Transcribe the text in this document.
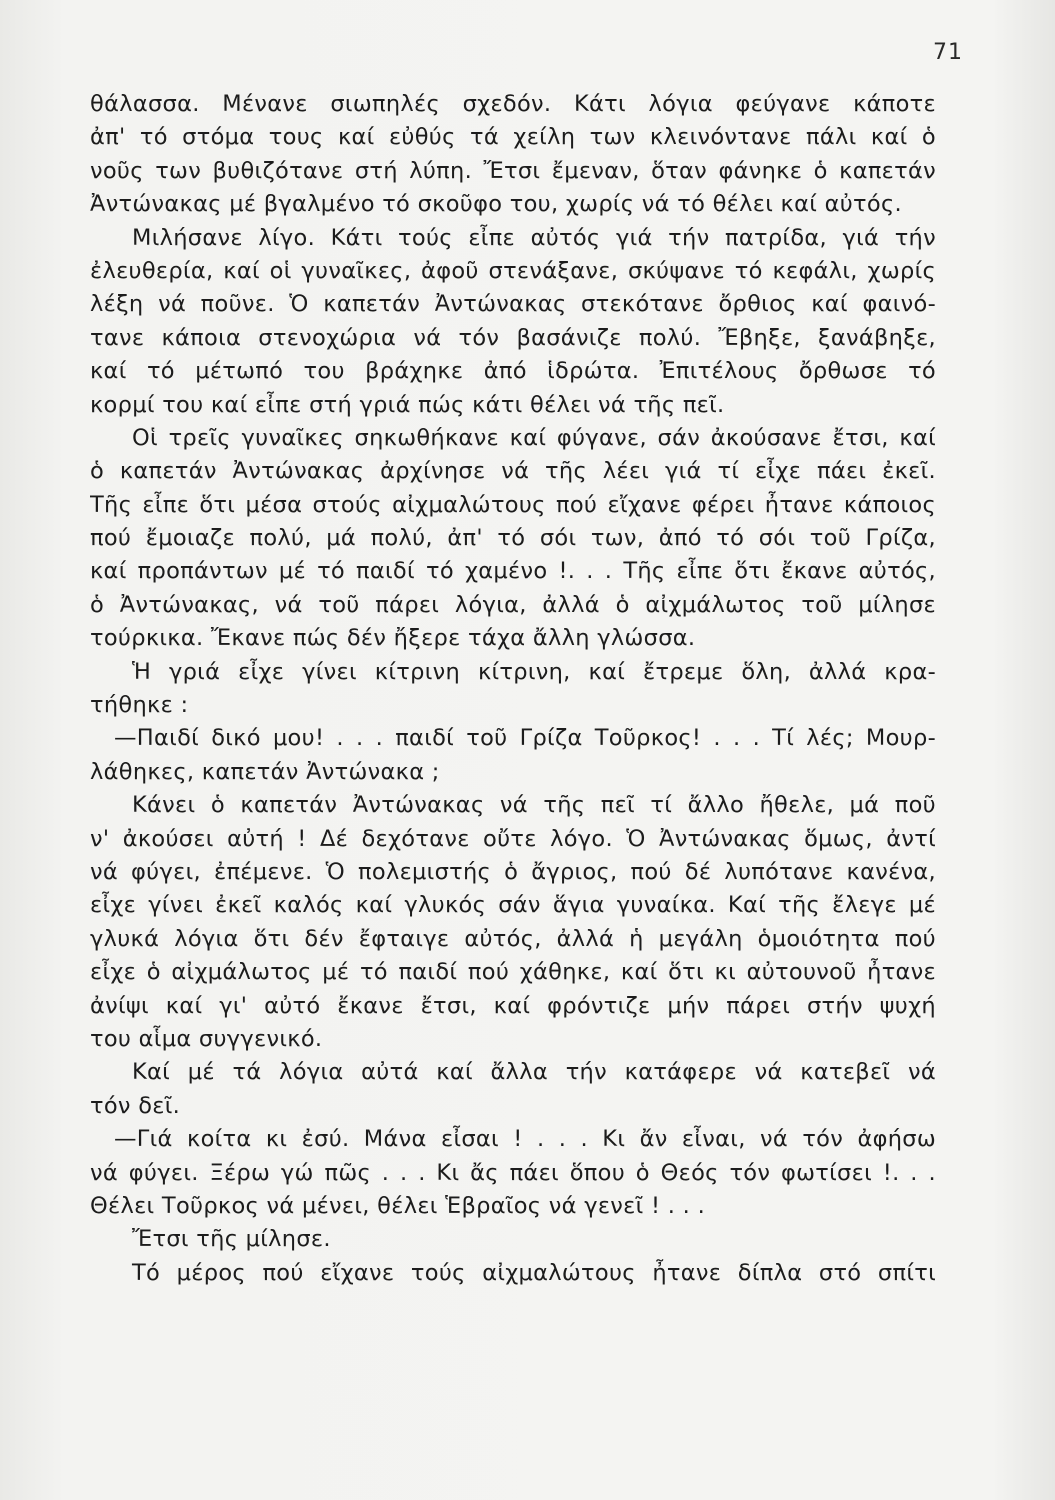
71
θάλασσα. Μένανε σιωπηλές σχεδόν. Κάτι λόγια φεύγανε κάποτε
ἀπ' τό στόμα τους καί εὐθύς τά χείλη των κλεινόντανε πάλι καί ὁ
νοῦς των βυθιζότανε στή λύπη. Ἔτσι ἔμεναν, ὅταν φάνηκε ὁ καπετάν
Ἀντώνακας μέ βγαλμένο τό σκοῦφο του, χωρίς νά τό θέλει καί αὐτός.
Μιλήσανε λίγο. Κάτι τούς εἶπε αὐτός γιά τήν πατρίδα, γιά τήν
ἐλευθερία, καί οἱ γυναῖκες, ἀφοῦ στενάξανε, σκύψανε τό κεφάλι, χωρίς
λέξη νά ποῦνε. Ὁ καπετάν Ἀντώνακας στεκότανε ὄρθιος καί φαινό-
τανε κάποια στενοχώρια νά τόν βασάνιζε πολύ. Ἔβηξε, ξανάβηξε,
καί τό μέτωπό του βράχηκε ἀπό ἱδρώτα. Ἐπιτέλους ὄρθωσε τό
κορμί του καί εἶπε στή γριά πώς κάτι θέλει νά τῆς πεῖ.
Οἱ τρεῖς γυναῖκες σηκωθήκανε καί φύγανε, σάν ἀκούσανε ἔτσι, καί
ὁ καπετάν Ἀντώνακας ἀρχίνησε νά τῆς λέει γιά τί εἶχε πάει ἐκεῖ.
Τῆς εἶπε ὅτι μέσα στούς αἰχμαλώτους πού εἴχανε φέρει ἦτανε κάποιος
πού ἔμοιαζε πολύ, μά πολύ, ἀπ' τό σόι των, ἀπό τό σόι τοῦ Γρίζα,
καί προπάντων μέ τό παιδί τό χαμένο !. . . Τῆς εἶπε ὅτι ἔκανε αὐτός,
ὁ Ἀντώνακας, νά τοῦ πάρει λόγια, ἀλλά ὁ αἰχμάλωτος τοῦ μίλησε
τούρκικα. Ἔκανε πώς δέν ἤξερε τάχα ἄλλη γλώσσα.
Ἡ γριά εἶχε γίνει κίτρινη κίτρινη, καί ἔτρεμε ὅλη, ἀλλά κρα-
τήθηκε :
—Παιδί δικό μου! . . . παιδί τοῦ Γρίζα Τοῦρκος! . . . Τί λές; Μουρ-
λάθηκες, καπετάν Ἀντώνακα ;
Κάνει ὁ καπετάν Ἀντώνακας νά τῆς πεῖ τί ἄλλο ἤθελε, μά ποῦ
ν' ἀκούσει αὐτή ! Δέ δεχότανε οὔτε λόγο. Ὁ Ἀντώνακας ὅμως, ἀντί
νά φύγει, ἐπέμενε. Ὁ πολεμιστής ὁ ἄγριος, πού δέ λυπότανε κανένα,
εἶχε γίνει ἐκεῖ καλός καί γλυκός σάν ἅγια γυναίκα. Καί τῆς ἔλεγε μέ
γλυκά λόγια ὅτι δέν ἔφταιγε αὐτός, ἀλλά ἡ μεγάλη ὁμοιότητα πού
εἶχε ὁ αἰχμάλωτος μέ τό παιδί πού χάθηκε, καί ὅτι κι αὐτουνοῦ ἦτανε
ἀνίψι καί γι' αὐτό ἔκανε ἔτσι, καί φρόντιζε μήν πάρει στήν ψυχή
του αἷμα συγγενικό.
Καί μέ τά λόγια αὐτά καί ἄλλα τήν κατάφερε νά κατεβεῖ νά
τόν δεῖ.
—Γιά κοίτα κι ἐσύ. Μάνα εἶσαι ! . . . Κι ἄν εἶναι, νά τόν ἀφήσω
νά φύγει. Ξέρω γώ πῶς . . . Κι ἄς πάει ὅπου ὁ Θεός τόν φωτίσει !. . .
Θέλει Τοῦρκος νά μένει, θέλει Ἑβραῖος νά γενεῖ ! . . .
Ἔτσι τῆς μίλησε.
Τό μέρος πού εἴχανε τούς αἰχμαλώτους ἦτανε δίπλα στό σπίτι
